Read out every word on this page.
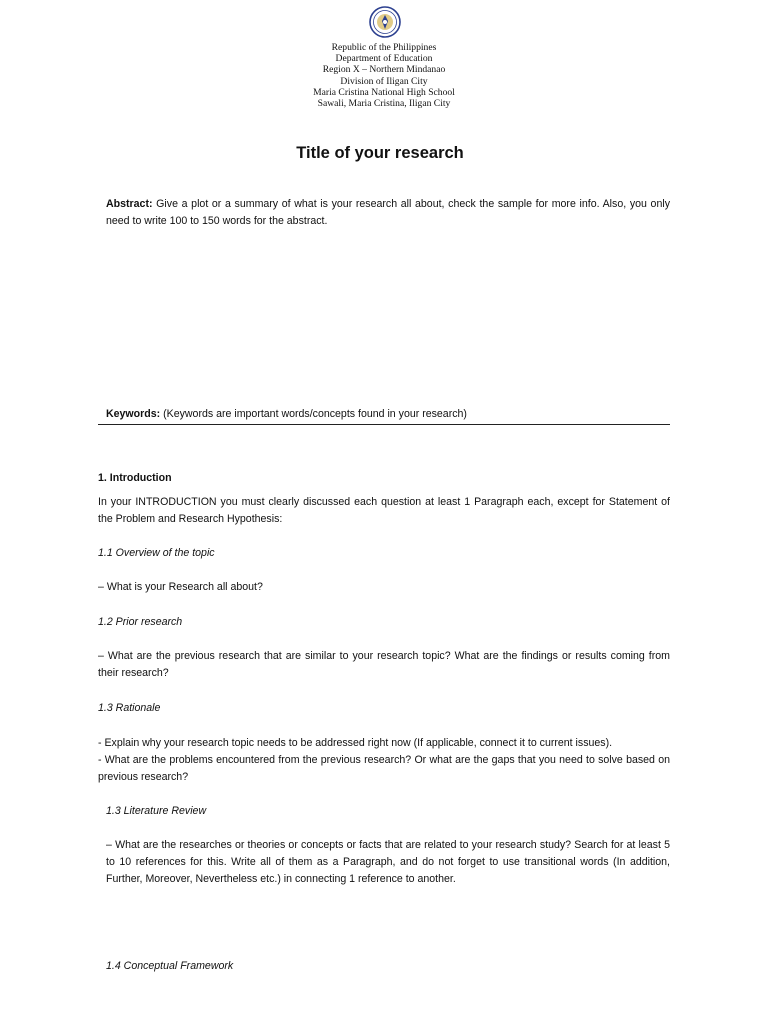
Republic of the Philippines
Department of Education
Region X – Northern Mindanao
Division of Iligan City
Maria Cristina National High School
Sawali, Maria Cristina, Iligan City
Title of your research
Abstract: Give a plot or a summary of what is your research all about, check the sample for more info. Also, you only need to write 100 to 150 words for the abstract.
Keywords: (Keywords are important words/concepts found in your research)
1. Introduction
In your INTRODUCTION you must clearly discussed each question at least 1 Paragraph each, except for Statement of the Problem and Research Hypothesis:
1.1 Overview of the topic
– What is your Research all about?
1.2 Prior research
– What are the previous research that are similar to your research topic? What are the findings or results coming from their research?
1.3 Rationale
- Explain why your research topic needs to be addressed right now (If applicable, connect it to current issues).
- What are the problems encountered from the previous research? Or what are the gaps that you need to solve based on previous research?
1.3 Literature Review
– What are the researches or theories or concepts or facts that are related to your research study? Search for at least 5 to 10 references for this. Write all of them as a Paragraph, and do not forget to use transitional words (In addition, Further, Moreover, Nevertheless etc.) in connecting 1 reference to another.
1.4 Conceptual Framework
